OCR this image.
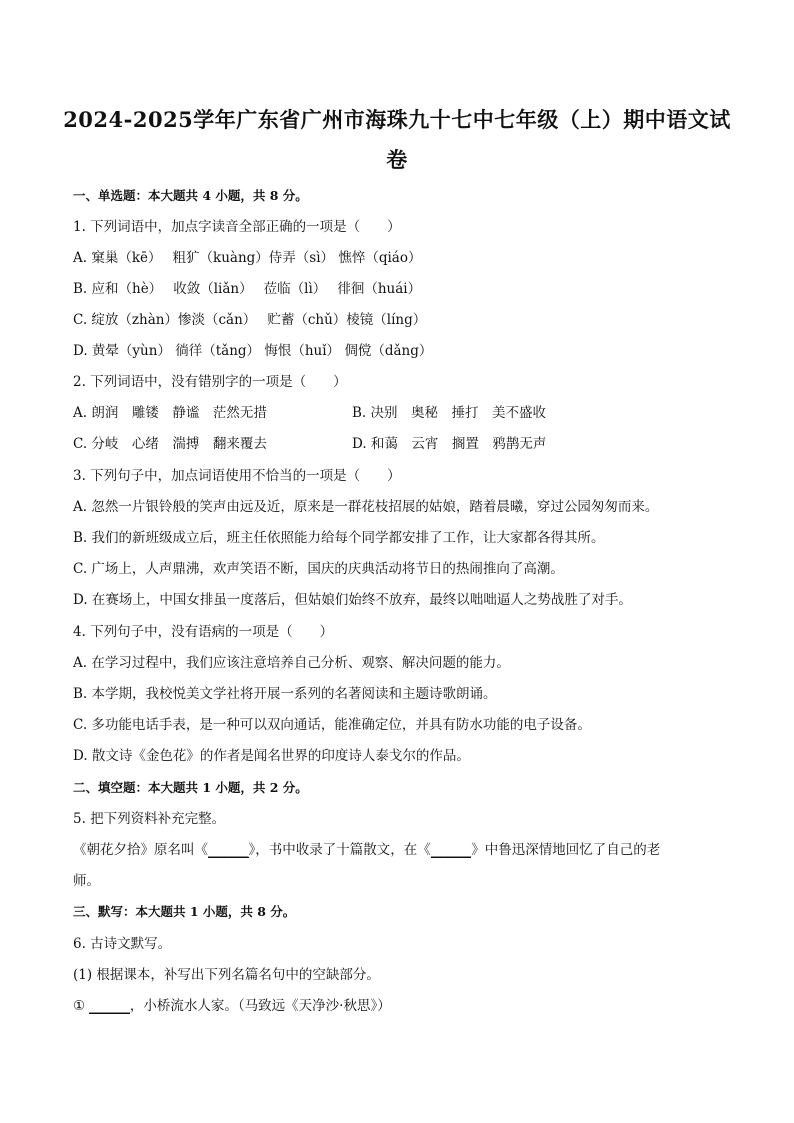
2024-2025学年广东省广州市海珠九十七中七年级（上）期中语文试卷
一、单选题：本大题共 4 小题，共 8 分。
1. 下列词语中，加点字读音全部正确的一项是（　　）
A. 窠巢（kē）　 粗犷（kuàng）侍弄（sì） 憔悴（qiáo）
B. 应和（hè）　 收敛（liǎn）　 莅临（lì）　 徘徊（huái）
C. 绽放（zhàn）惨淡（cǎn）　 贮蓄（chǔ）棱镜（líng）
D. 黄晕（yùn） 徜徉（tǎng） 悔恨（huǐ） 倜傥（dǎng）
2. 下列词语中，没有错别字的一项是（　　）
A. 朗润　雕镂　静谧　茫然无措	B. 决别　奥秘　捶打　美不盛收
C. 分岐　心绪　湍搏　翻来覆去	D. 和蔼　云宵　搁置　鸦鹊无声
3. 下列句子中，加点词语使用不恰当的一项是（　　）
A. 忽然一片银铃般的笑声由远及近，原来是一群花枝招展的姑娘，踏着晨曦，穿过公园匆匆而来。
B. 我们的新班级成立后，班主任依照能力给每个同学都安排了工作，让大家都各得其所。
C. 广场上，人声鼎沸，欢声笑语不断，国庆的庆典活动将节日的热闹推向了高潮。
D. 在赛场上，中国女排虽一度落后，但姑娘们始终不放弃，最终以咄咄逼人之势战胜了对手。
4. 下列句子中，没有语病的一项是（　　）
A. 在学习过程中，我们应该注意培养自己分析、观察、解决问题的能力。
B. 本学期，我校悦美文学社将开展一系列的名著阅读和主题诗歌朗诵。
C. 多功能电话手表，是一种可以双向通话，能准确定位，并具有防水功能的电子设备。
D. 散文诗《金色花》的作者是闻名世界的印度诗人泰戈尔的作品。
二、填空题：本大题共 1 小题，共 2 分。
5. 把下列资料补充完整。
《朝花夕拾》原名叫《______》，书中收录了十篇散文，在《______》中鲁迅深情地回忆了自己的老
师。
三、默写：本大题共 1 小题，共 8 分。
6. 古诗文默写。
(1) 根据课本，补写出下列名篇名句中的空缺部分。
① ______，小桥流水人家。（马致远《天净沙·秋思》）
